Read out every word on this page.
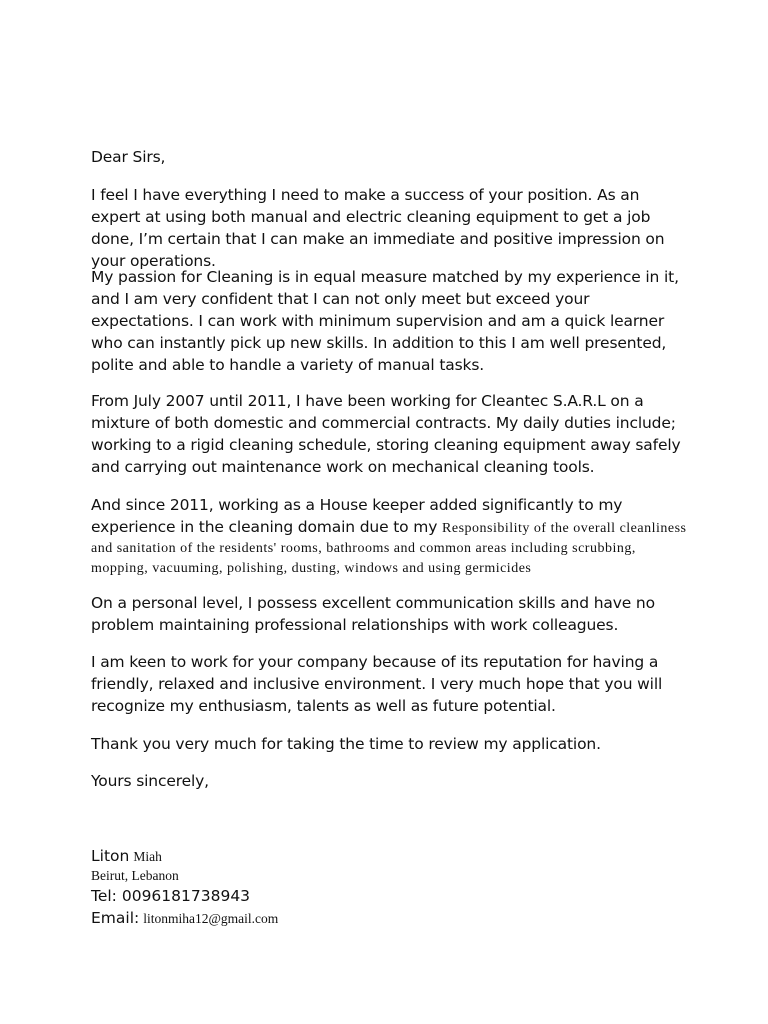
Dear Sirs,

I feel I have everything I need to make a success of your position. As an expert at using both manual and electric cleaning equipment to get a job done, I’m certain that I can make an immediate and positive impression on your operations.

My passion for Cleaning is in equal measure matched by my experience in it, and I am very confident that I can not only meet but exceed your expectations. I can work with minimum supervision and am a quick learner who can instantly pick up new skills. In addition to this I am well presented, polite and able to handle a variety of manual tasks.

From July 2007 until 2011, I have been working for Cleantec S.A.R.L on a mixture of both domestic and commercial contracts. My daily duties include; working to a rigid cleaning schedule, storing cleaning equipment away safely and carrying out maintenance work on mechanical cleaning tools.

And since 2011, working as a House keeper added significantly to my experience in the cleaning domain due to my Responsibility of the overall cleanliness and sanitation of the residents' rooms, bathrooms and common areas including scrubbing, mopping, vacuuming, polishing, dusting, windows and using germicides

On a personal level, I possess excellent communication skills and have no problem maintaining professional relationships with work colleagues.

I am keen to work for your company because of its reputation for having a friendly, relaxed and inclusive environment. I very much hope that you will recognize my enthusiasm, talents as well as future potential.

Thank you very much for taking the time to review my application.

Yours sincerely,

Liton Miah
Beirut, Lebanon
Tel: 0096181738943
Email: litonmiha12@gmail.com
